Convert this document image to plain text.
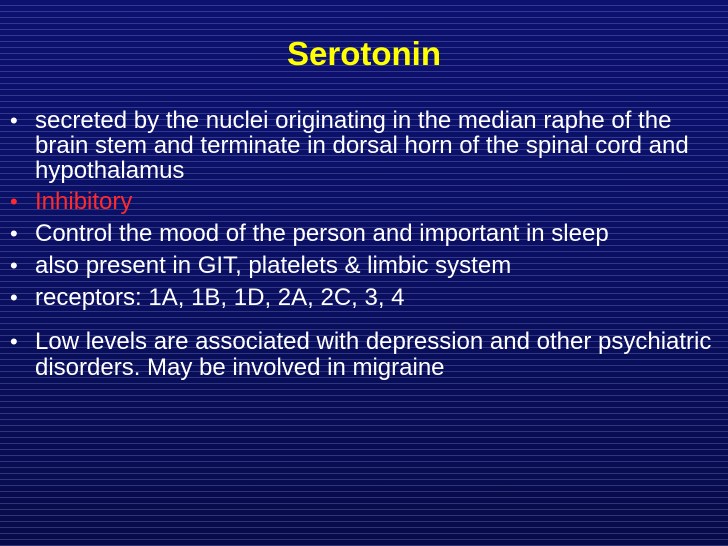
Serotonin
• secreted by the nuclei originating in the median raphe of the brain stem and terminate in dorsal horn of the spinal cord and hypothalamus
• Inhibitory
• Control the mood of the person and important in sleep
• also present in GIT, platelets & limbic system
• receptors: 1A, 1B, 1D, 2A, 2C, 3, 4
• Low levels are associated with depression and other psychiatric disorders. May be involved in migraine
